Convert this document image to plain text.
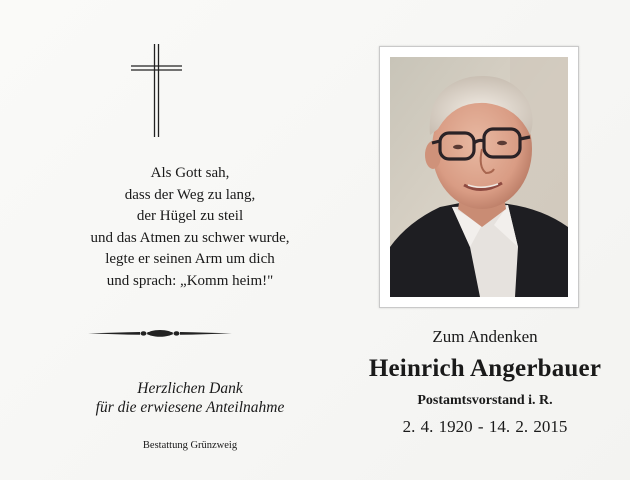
Als Gott sah,
dass der Weg zu lang,
der Hügel zu steil
und das Atmen zu schwer wurde,
legte er seinen Arm um dich
und sprach: „Komm heim!"
Herzlichen Dank
für die erwiesene Anteilnahme
Bestattung Grünzweig
Zum Andenken
Heinrich Angerbauer
Postamtsvorstand i. R.
2. 4. 1920 - 14. 2. 2015
